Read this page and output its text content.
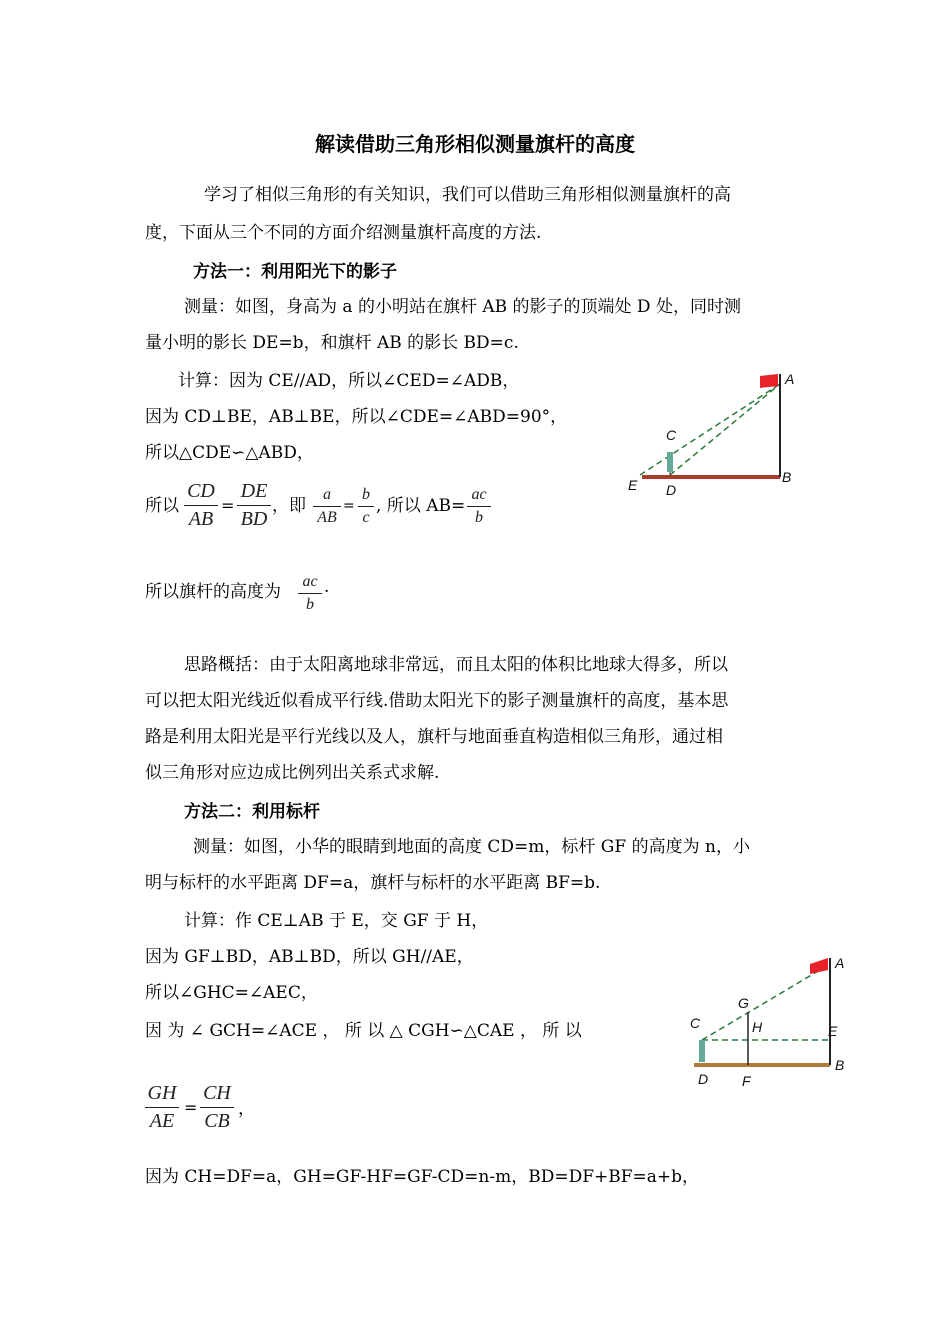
解读借助三角形相似测量旗杆的高度
学习了相似三角形的有关知识，我们可以借助三角形相似测量旗杆的高
度，下面从三个不同的方面介绍测量旗杆高度的方法.
方法一：利用阳光下的影子
测量：如图，身高为 a 的小明站在旗杆 AB 的影子的顶端处 D 处，同时测
量小明的影长 DE=b，和旗杆 AB 的影长 BD=c.
计算：因为 CE//AD，所以∠CED=∠ADB，
因为 CD⊥BE，AB⊥BE，所以∠CDE=∠ABD=90°，
所以△CDE∽△ABD，
所以
CD
AB
=
DE
BD
，即
a
AB
=
b
c
, 所以 AB=
ac
b
所以旗杆的高度为
ac
b
.
思路概括：由于太阳离地球非常远，而且太阳的体积比地球大得多，所以
可以把太阳光线近似看成平行线.借助太阳光下的影子测量旗杆的高度，基本思
路是利用太阳光是平行光线以及人，旗杆与地面垂直构造相似三角形，通过相
似三角形对应边成比例列出关系式求解.
A
B
C
D
E
方法二：利用标杆
测量：如图，小华的眼睛到地面的高度 CD=m，标杆 GF 的高度为 n，小
明与标杆的水平距离 DF=a，旗杆与标杆的水平距离 BF=b.
计算：作 CE⊥AB 于 E，交 GF 于 H，
因为 GF⊥BD，AB⊥BD，所以 GH//AE，
所以∠GHC=∠AEC，
因 为 ∠ GCH=∠ACE ， 所 以 △ CGH∽△CAE ， 所 以
GH
AE
=
CH
CB
，
因为 CH=DF=a，GH=GF-HF=GF-CD=n-m，BD=DF+BF=a+b，
A
B
C
D
E
F
G
H
